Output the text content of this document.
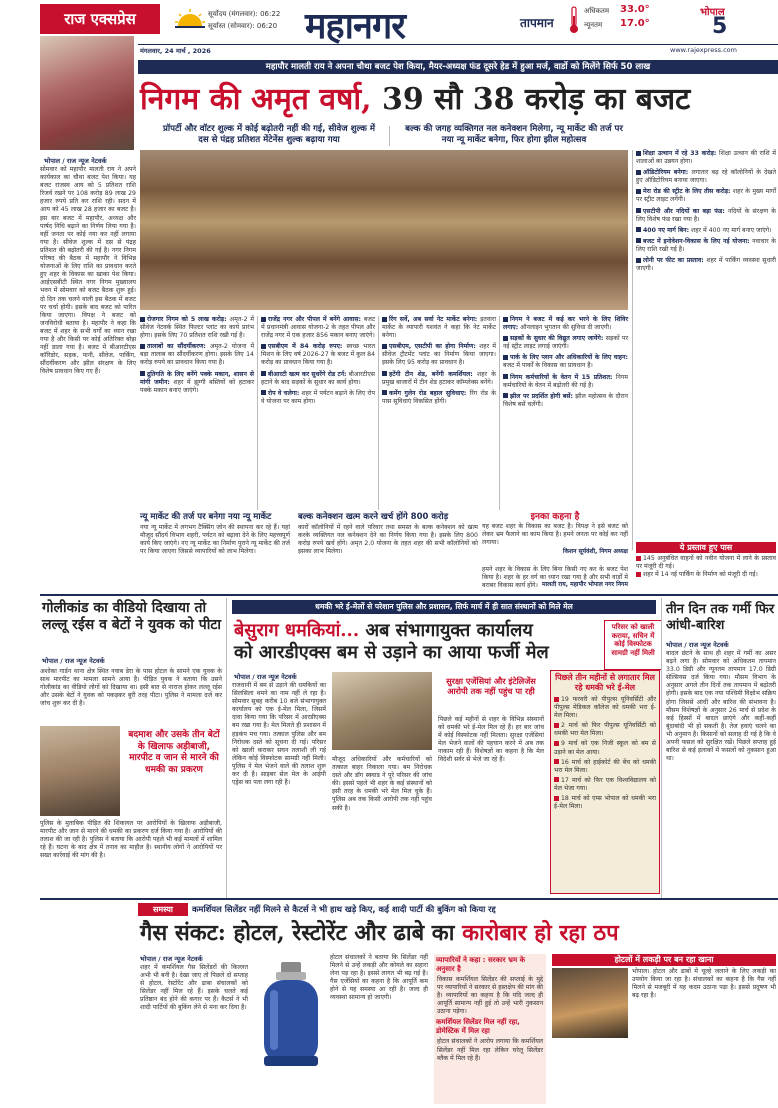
राज एक्सप्रेस	सूर्योदय (मंगलवार): 06:22
सूर्यास्त (सोमवार): 06:20 महानगर	तापमान
अधिकतम 33.0°
न्यूनतम 17.0°
भोपाल
5
मंगलवार, 24 मार्च , 2026	www.rajexpress.com
महापौर मालती राय ने अपना चौथा बजट पेश किया, मैयर-अध्यक्ष फंड दूसरे हेड में हुआ मर्ज, वार्डो को मिलेंगे सिर्फ 50 लाख
निगम की अमृत वर्षा, 39 सौ 38 करोड़ का बजट
प्रॉपर्टी और वॉटर शुल्क में कोई बढ़ोतरी नहीं की गई, सीवेज शुल्क में दस से पंद्रह प्रतिशत मेंटेनेंस शुल्क बढ़ाया गया
बल्क की जगह व्यक्तिगत नल कनेक्शन मिलेगा, न्यू मार्केट की तर्ज पर नया न्यू मार्केट बनेगा, फिर होगा झील महोत्सव
भोपाल / राज न्यूज नेटवर्क
सोमवार को महापौर मालती राय ने अपने कार्यकाल का चौथा बजट पेश किया। यह बजट राजस्व आय को 5 प्रतिशत राशि रिजर्व रखने पर 108 करोड़ 89 लाख 29 हजार रुपये प्रति कर राशि रही। सदन में आय को 45 लाख 28 हजार का बजट है। इस बार बजट में महापौर, अध्यक्ष और पार्षद निधि बढ़ाने का निर्णय लिया गया है। वहीं जनता पर कोई नया कर नहीं लगाया गया है। सीवेज शुल्क में दस से पंद्रह प्रतिशत की बढ़ोतरी की गई है। नगर निगम परिषद की बैठक में महापौर ने विभिन्न योजनाओं के लिए राशि का प्रावधान करते हुए शहर के विकास का खाका पेश किया। आईएसबीटी स्थित नगर निगम मुख्यालय भवन में सोमवार को बजट बैठक शुरू हुई। दो दिन तक चलने वाली इस बैठक में बजट पर चर्चा होगी। इसके बाद बजट को पारित किया जाएगा। विपक्ष ने बजट को जनविरोधी बताया है। महापौर ने कहा कि बजट में शहर के सभी वर्गों का ध्यान रखा गया है और किसी पर कोई अतिरिक्त बोझ नहीं डाला गया है। बजट में बीआरटीएस कॉरिडोर, सड़क, पानी, सीवेज, पार्किंग, सौंदर्यीकरण और झील संरक्षण के लिए विशेष प्रावधान किए गए हैं।
शिक्षा उत्थान में रहे 33 करोड़: शिक्षा उत्थान की राशि में शालाओं का उन्नयन होगा।
ऑडिटोरियम बनेगा: लगातार बढ़ रहे कॉलोनियों के देखते हुए ऑडिटोरियम बनाया जाएगा।
मेरा रोड की स्ट्रीट के लिए तीस करोड़: शहर के मुख्य मार्गों पर स्ट्रीट लाइट लगेंगी।
एसटीपी और नदियों का बड़ा फंड: नदियों के संरक्षण के लिए विशेष फंड रखा गया है।
400 नए मार्ग बिन: शहर में 400 नए मार्ग बनाए जाएंगे।
बजट में इनोवेशन-विकास के लिए नई योजना: नवाचार के लिए राशि रखी गई है।
लोनी पर फीट का प्रस्ताव: शहर में पार्किंग व्यवस्था सुधारी जाएगी।
रोजगार निगम को 5 लाख करोड़: अमृत-2 में सीवेज नेटवर्क स्थित फिल्टर प्लांट का कार्य प्रारंभ होगा। इसके लिए 70 प्रतिशत राशि रखी गई है।
तालाबों का सौंदर्यीकरण: अमृत-2 योजना में बड़ा तालाब का सौंदर्यीकरण होगा। इसके लिए 14 करोड़ रुपये का प्रावधान किया गया है।
द्रुतिगति के लिए बनेंगे पक्के मकान, शासन से मांगी जमीन: शहर में झुग्गी बस्तियों को हटाकर पक्के मकान बनाए जाएंगे।
राजेंद्र नगर और पीपल में बनेंगे आवास: बजट में प्रधानमंत्री आवास योजना-2 के तहत पीपल और राजेंद्र नगर में एक हजार 856 मकान बनाए जाएंगे।
एसबीएम में 84 करोड़ रुपए: स्वच्छ भारत मिशन के लिए वर्ष 2026-27 के बजट में कुल 84 करोड़ का प्रावधान किया गया है।
बीआरटी खत्म कर सुधरेंगे रोड टर्न: बीआरटीएस हटाने के बाद सड़कों के सुधार का कार्य होगा।
रोप वे चलेगा: शहर में पर्यटन बढ़ाने के लिए रोप वे योजना पर काम होगा।
रिंग सर्वे, अब सर्वा नेट मार्केट बनेगा: इतवारा मार्केट के व्यापारी यशवंत ने कहा कि नेट मार्केट बनेगा।
एसबीएम, एसटीपी का होगा निर्माण: शहर में सीवेज ट्रीटमेंट प्लांट का निर्माण किया जाएगा। इसके लिए 95 करोड़ का प्रावधान है।
हटेंगी टीन शेड, बनेंगी कमर्शियल: शहर के प्रमुख बाजारों में टीन शेड हटाकर कॉम्प्लेक्स बनेंगे।
कमेंग गुलेन रोड बहाल सुविधाए: रिंग रोड के पास सुविधाएं विकसित होंगी।
निगम ने बजट में कई कर भरने के लिए शिविर लगाए: ऑनलाइन भुगतान की सुविधा दी जाएगी।
सड़कों के सुधार की विद्युत लगाए जायेंगे: सड़कों पर नई स्ट्रीट लाइट लगाई जाएंगी।
पार्क के लिए प्लान और अधिकारियों के लिए वाहन: बजट में पार्कों के विकास का प्रावधान है।
निगम कर्मचारियों के वेतन में 15 प्रतिशत: निगम कर्मचारियों के वेतन में बढ़ोतरी की गई है।
झील पर प्रदर्शित होगी बसें: झील महोत्सव के दौरान विशेष बसें चलेंगी।
न्यू मार्केट की तर्ज पर बनेगा नया न्यू मार्केट
नया न्यू मार्केट में लगभग टैक्सिंग जोन की स्थापना कर रहे हैं। यहां मौजूद सौंदर्य विभाग शहरी, पर्यटन को बढ़ावा देने के लिए महत्त्वपूर्ण कार्य किए जाएंगे। नए न्यू मार्केट का निर्माण पुराने न्यू मार्केट की तर्ज पर किया जाएगा जिससे व्यापारियों को लाभ मिलेगा।
बल्क कनेक्शन खत्म करने खर्च होंगे 800 करोड़
कारों कॉलोनियों में रहने वाले परिवार तथा समस्त के बल्क कनेक्शन को खत्म करके व्यक्तिगत नल कनेक्शन देने का निर्णय किया गया है। इसके लिए 800 करोड़ रुपये खर्च होंगे। अमृत 2.0 योजना के तहत शहर की सभी कॉलोनियों को इसका लाभ मिलेगा।
इनका कहना है
यह बजट शहर के विकास का बजट है। विपक्ष ने इसे बजट को लेकर भ्रम फैलाने का काम किया है। हमने जनता पर कोई कर नहीं लगाया।
किशन सूर्यवंशी, निगम अध्यक्ष
हमने शहर के विकास के लिए बिना किसी नए कर के बजट पेश किया है। शहर के हर वर्ग का ध्यान रखा गया है और सभी वार्डों में बराबर विकास कार्य होंगे। मालती राय, महापौर भोपाल नगर निगम
ये प्रस्ताव हुए पास
145 अनुबंधित वाहनों को नवीन योजना में लाने के प्रस्ताव पर मंजूरी दी गई।
शहर में 14 नई पार्किंग के निर्माण को मंजूरी दी गई।
गोलीकांड का वीडियो दिखाया तो लल्लू रईस व बेटों ने युवक को पीटा
भोपाल / राज न्यूज नेटवर्क
अशोका गार्डन थाना क्षेत्र स्थित नवाब डेरा के पास होटल के सामने एक युवक के साथ मारपीट का मामला सामने आया है। पीड़ित युवक ने बताया कि उसने गोलीकांड का वीडियो लोगों को दिखाया था। इसी बात से नाराज होकर लल्लू रईस और उसके बेटों ने युवक को पकड़कर बुरी तरह पीटा। पुलिस ने मामला दर्ज कर जांच शुरू कर दी है।
बदमाश और उसके तीन बेटों के खिलाफ अड़ीबाजी, मारपीट व जान से मारने की धमकी का प्रकरण
पुलिस के मुताबिक पीड़ित की शिकायत पर आरोपियों के खिलाफ अड़ीबाजी, मारपीट और जान से मारने की धमकी का प्रकरण दर्ज किया गया है। आरोपियों की तलाश की जा रही है। पुलिस ने बताया कि आरोपी पहले भी कई मामलों में शामिल रहे हैं। घटना के बाद क्षेत्र में तनाव का माहौल है। स्थानीय लोगों ने आरोपियों पर सख्त कार्रवाई की मांग की है।
धमकी भरे ई-मेलों से परेशान पुलिस और प्रशासन, सिर्फ मार्च में ही सात संस्थानों को मिले मेल
बेसुराग धमकियां... अब संभागायुक्त कार्यालय
को आरडीएक्स बम से उड़ाने का आया फर्जी मेल
परिसर को खाली कराया, सचिन में कोई विस्फोटक सामग्री नहीं मिली
भोपाल / राज न्यूज नेटवर्क
राजधानी में बम से उड़ाने की धमकियों का सिलसिला थमने का नाम नहीं ले रहा है। सोमवार सुबह करीब 10 बजे संभागायुक्त कार्यालय को एक ई-मेल मिला, जिसमें दावा किया गया कि परिसर में आरडीएक्स बम रखा गया है। मेल मिलते ही प्रशासन में हड़कंप मच गया। तत्काल पुलिस और बम निरोधक दस्ते को सूचना दी गई। परिसर को खाली कराकर सघन तलाशी ली गई लेकिन कोई विस्फोटक सामग्री नहीं मिली। पुलिस ने मेल भेजने वाले की तलाश शुरू कर दी है। साइबर सेल मेल के आईपी एड्रेस का पता लगा रही है।
मौजूद अधिकारियों और कर्मचारियों को तत्काल बाहर निकाला गया। बम निरोधक दस्ते और डॉग स्क्वाड ने पूरे परिसर की जांच की। इससे पहले भी शहर के कई संस्थानों को इसी तरह के धमकी भरे मेल मिल चुके हैं। पुलिस अब तक किसी आरोपी तक नहीं पहुंच सकी है।
सुरक्षा एजेंसियां और इंटेलिजेंस आरोपी तक नहीं पहुंच पा रही
पिछले कई महीनों से शहर के विभिन्न संस्थानों को धमकी भरे ई-मेल मिल रहे हैं। हर बार जांच में कोई विस्फोटक नहीं मिलता। सुरक्षा एजेंसियां मेल भेजने वालों की पहचान करने में अब तक नाकाम रही हैं। विशेषज्ञों का कहना है कि मेल विदेशी सर्वर से भेजे जा रहे हैं।
पिछले तीन महीनों से लगातार मिल रहे धमकी भरे ई-मेल
19 फरवरी को पीपुल्स यूनिवर्सिटी और पीपुल्स मेडिकल कॉलेज को धमकी भरा ई-मेल मिला।
2 मार्च को फिर पीपुल्स यूनिवर्सिटी को धमकी भरा मेल मिला।
9 मार्च को एक निजी स्कूल को बम से उड़ाने का मेल आया।
16 मार्च को हाईकोर्ट की बेंच को धमकी भरा मेल मिला।
17 मार्च को फिर एक विश्वविद्यालय को मेल भेजा गया।
18 मार्च को एम्स भोपाल को धमकी भरा ई-मेल मिला।
तीन दिन तक गर्मी फिर आंधी-बारिश
भोपाल / राज न्यूज नेटवर्क
बादल छंटने के साथ ही शहर में गर्मी का असर बढ़ने लगा है। सोमवार को अधिकतम तापमान 33.0 डिग्री और न्यूनतम तापमान 17.0 डिग्री सेल्सियस दर्ज किया गया। मौसम विभाग के अनुसार अगले तीन दिनों तक तापमान में बढ़ोतरी होगी। इसके बाद एक नया पश्चिमी विक्षोभ सक्रिय होगा जिससे आंधी और बारिश की संभावना है। मौसम विशेषज्ञों के अनुसार 26 मार्च से प्रदेश के कई हिस्सों में बादल छाएंगे और कहीं-कहीं बूंदाबांदी भी हो सकती है। तेज हवाएं चलने का भी अनुमान है। किसानों को सलाह दी गई है कि वे अपनी फसल को सुरक्षित रखें। पिछले सप्ताह हुई बारिश से कई इलाकों में फसलों को नुकसान हुआ था।
समस्या	कमर्शियल सिलेंडर नहीं मिलने से कैटर्स ने भी हाथ खड़े किए, कई शादी पार्टी की बुकिंग को किया रद्द
गैस संकट: होटल, रेस्टोरेंट और ढाबे का कारोबार हो रहा ठप
भोपाल / राज न्यूज नेटवर्क
शहर में कमर्शियल गैस सिलेंडरों की किल्लत अभी भी बनी है। देखा जाए तो पिछले दो सप्ताह से होटल, रेस्टोरेंट और ढाबा संचालकों को सिलेंडर नहीं मिल रहे हैं। इसके चलते कई प्रतिष्ठान बंद होने की कगार पर हैं। कैटर्स ने भी शादी पार्टियों की बुकिंग लेने से मना कर दिया है।
होटल संचालकों ने बताया कि सिलेंडर नहीं मिलने से उन्हें लकड़ी और कोयले का सहारा लेना पड़ रहा है। इससे लागत भी बढ़ गई है। गैस एजेंसियों का कहना है कि आपूर्ति कम होने से यह समस्या आ रही है। जल्द ही व्यवस्था सामान्य हो जाएगी।
व्यापारियों ने कहा : सरकार भ्रम के अनुसार है
विकास कमर्शियल सिलेंडर की सप्लाई के मुद्दे पर व्यापारियों ने सरकार से हस्तक्षेप की मांग की है। व्यापारियों का कहना है कि यदि जल्द ही आपूर्ति सामान्य नहीं हुई तो उन्हें भारी नुकसान उठाना पड़ेगा।
कमर्शियल सिलेंडर मिल नहीं रहा, डोमेस्टिक में मिल रहा
होटल संचालकों ने आरोप लगाया कि कमर्शियल सिलेंडर नहीं मिल रहा लेकिन घरेलू सिलेंडर ब्लैक में मिल रहे हैं।
होटलों में लकड़ी पर बन रहा खाना
भोपाल। होटल और ढाबों में चूल्हे जलाने के लिए लकड़ी का उपयोग किया जा रहा है। संचालकों का कहना है कि गैस नहीं मिलने से मजबूरी में यह कदम उठाना पड़ा है। इससे प्रदूषण भी बढ़ रहा है।
